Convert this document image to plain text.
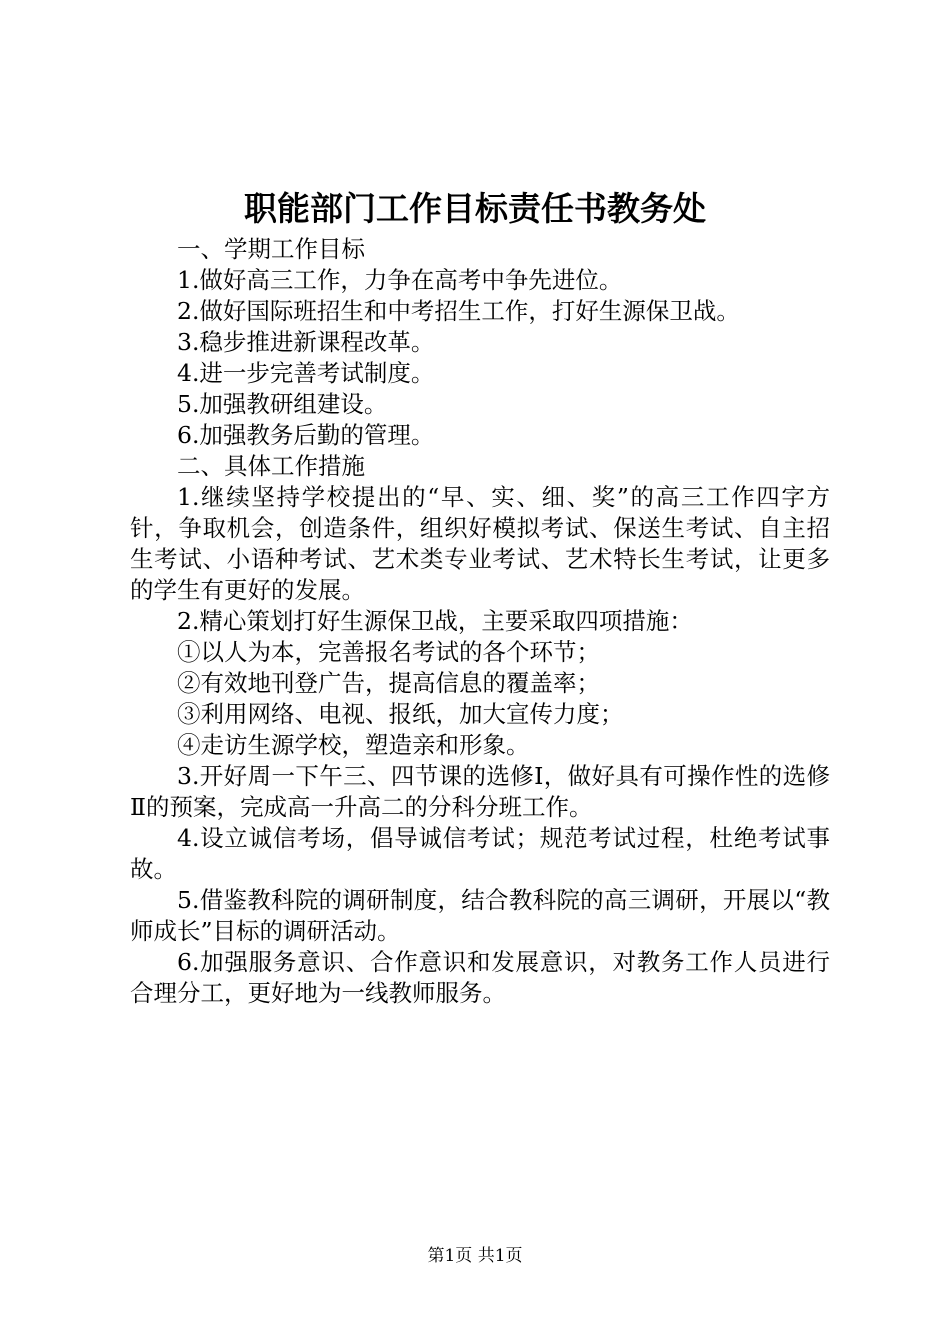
职能部门工作目标责任书教务处

一、学期工作目标

1.做好高三工作，力争在高考中争先进位。

2.做好国际班招生和中考招生工作，打好生源保卫战。

3.稳步推进新课程改革。

4.进一步完善考试制度。

5.加强教研组建设。

6.加强教务后勤的管理。

二、具体工作措施

1.继续坚持学校提出的“早、实、细、奖”的高三工作四字方针，争取机会，创造条件，组织好模拟考试、保送生考试、自主招生考试、小语种考试、艺术类专业考试、艺术特长生考试，让更多的学生有更好的发展。

2.精心策划打好生源保卫战，主要采取四项措施：

①以人为本，完善报名考试的各个环节；

②有效地刊登广告，提高信息的覆盖率；

③利用网络、电视、报纸，加大宣传力度；

④走访生源学校，塑造亲和形象。

3.开好周一下午三、四节课的选修Ⅰ，做好具有可操作性的选修Ⅱ的预案，完成高一升高二的分科分班工作。

4.设立诚信考场，倡导诚信考试；规范考试过程，杜绝考试事故。

5.借鉴教科院的调研制度，结合教科院的高三调研，开展以“教师成长”目标的调研活动。

6.加强服务意识、合作意识和发展意识，对教务工作人员进行合理分工，更好地为一线教师服务。

第1页 共1页
